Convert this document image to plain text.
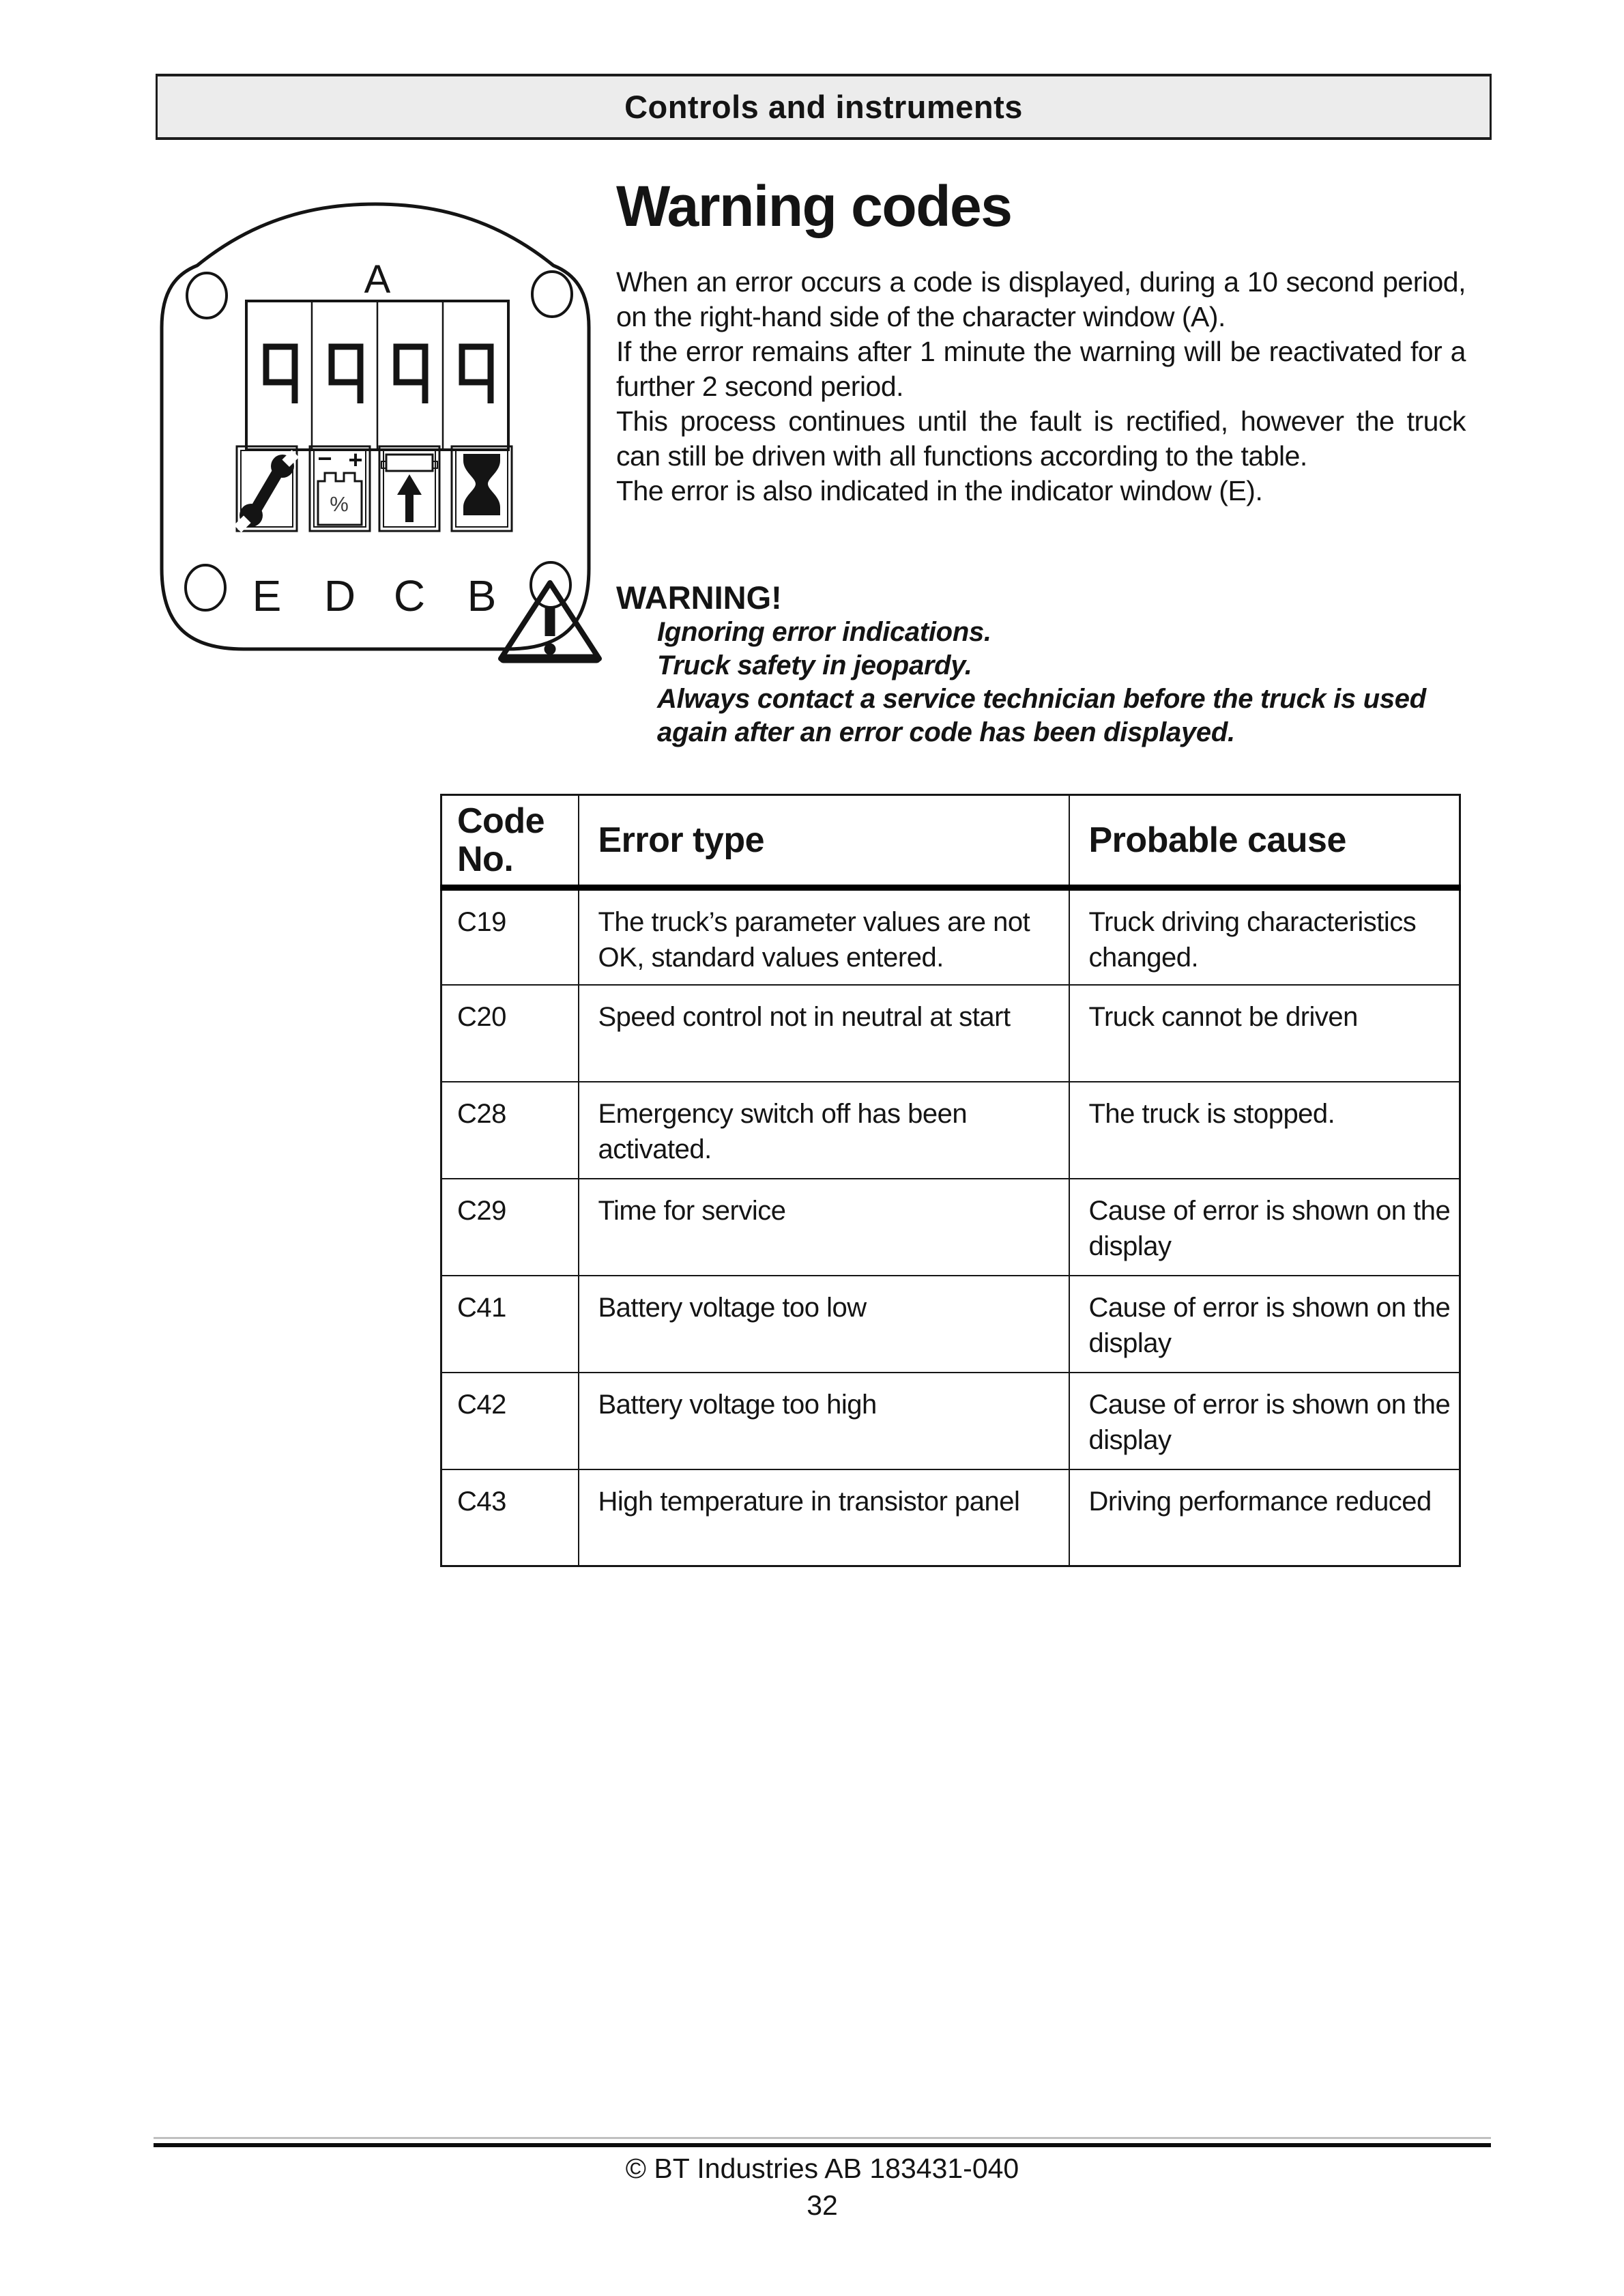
Controls and instruments
A
− +
%
E D C B
Warning codes

When an error occurs a code is displayed, during a 10 second period, on the right-hand side of the character window (A).

If the error remains after 1 minute the warning will be reactivated for a further 2 second period.

This process continues until the fault is rectified, however the truck can still be driven with all functions according to the table.

The error is also indicated in the indicator window (E).

WARNING!

Ignoring error indications.

Truck safety in jeopardy.

Always contact a service technician before the truck is used again after an error code has been displayed.

Code No.	Error type	Probable cause
C19	The truck’s parameter values are not OK, standard values entered.	Truck driving characteristics changed.
C20	Speed control not in neutral at start	Truck cannot be driven
C28	Emergency switch off has been activated.	The truck is stopped.
C29	Time for service	Cause of error is shown on the display
C41	Battery voltage too low	Cause of error is shown on the display
C42	Battery voltage too high	Cause of error is shown on the display
C43	High temperature in transistor panel	Driving performance reduced
© BT Industries AB 183431-040
32
